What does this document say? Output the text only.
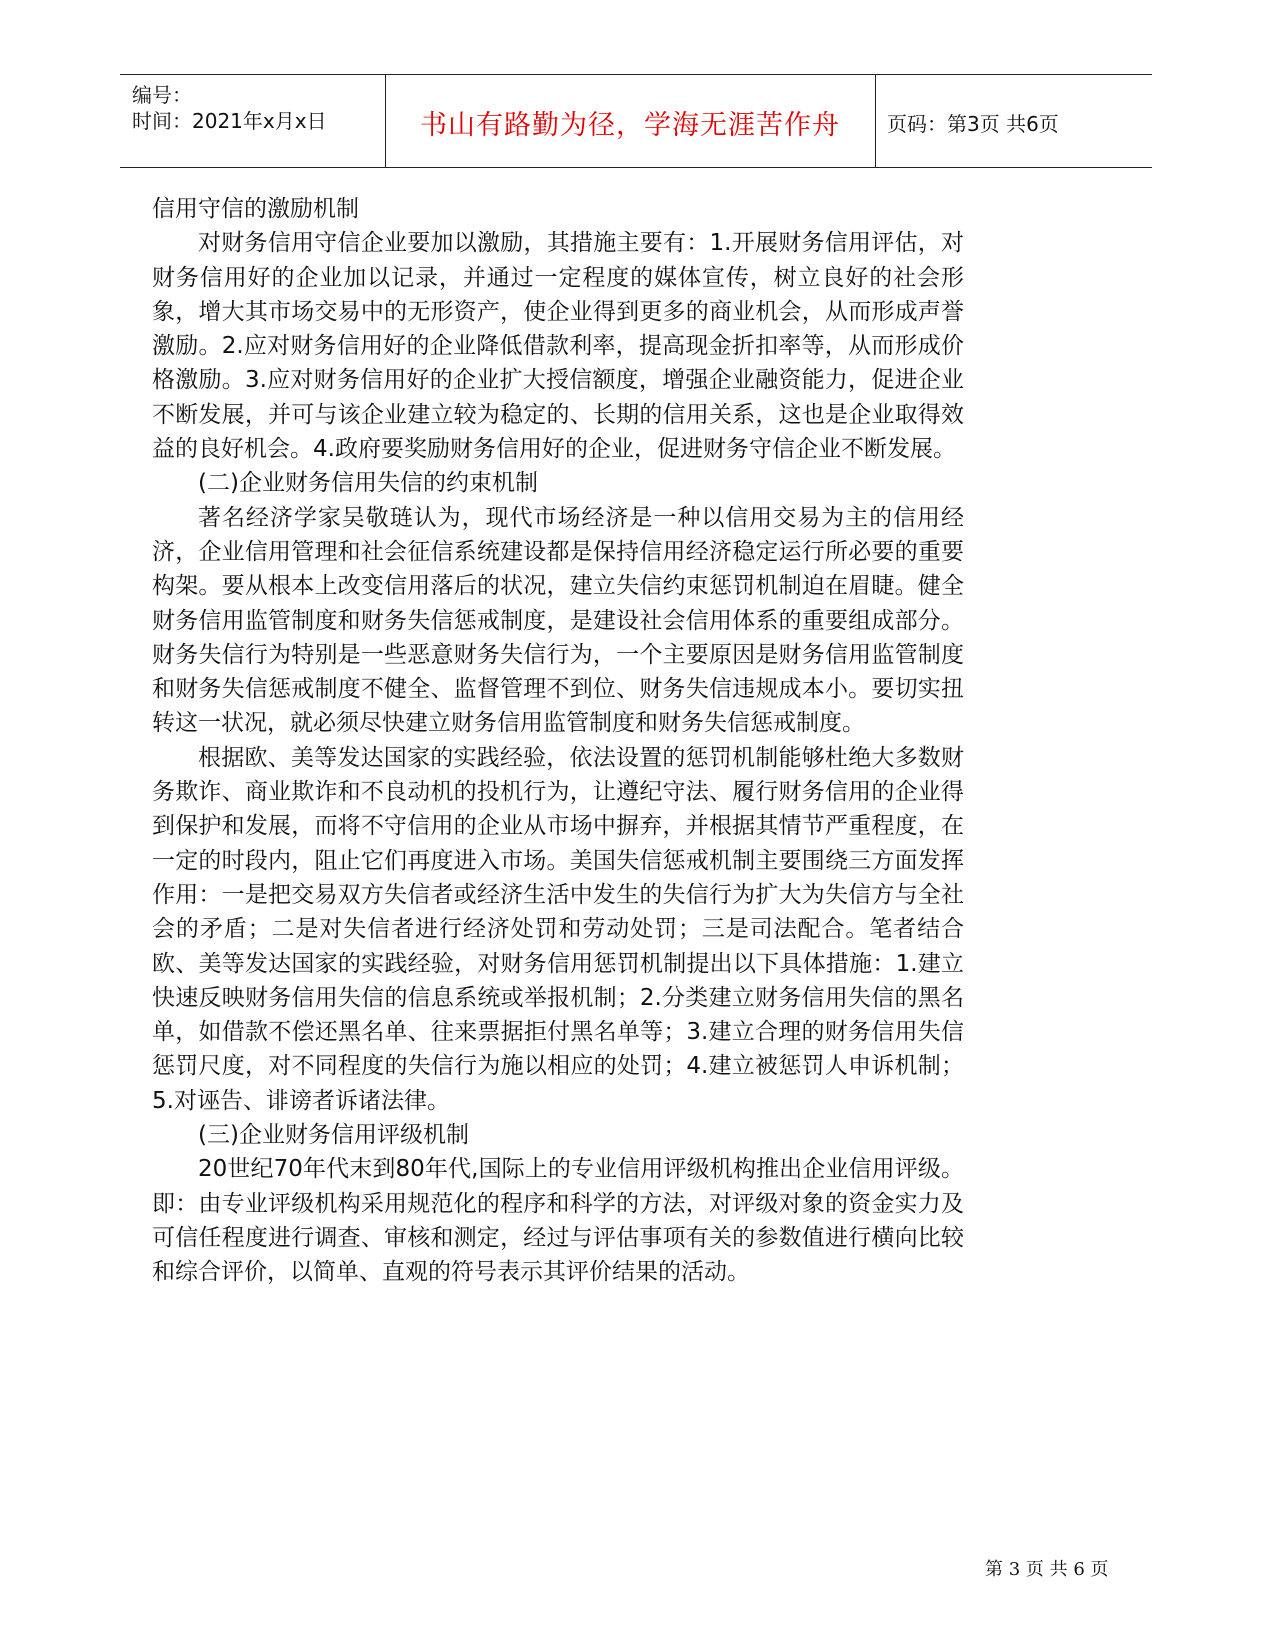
编号：
时间：2021年x月x日	书山有路勤为径，学海无涯苦作舟	页码：第3页 共6页

信用守信的激励机制

对财务信用守信企业要加以激励，其措施主要有：1.开展财务信用评估，对财务信用好的企业加以记录，并通过一定程度的媒体宣传，树立良好的社会形象，增大其市场交易中的无形资产，使企业得到更多的商业机会，从而形成声誉激励。2.应对财务信用好的企业降低借款利率，提高现金折扣率等，从而形成价格激励。3.应对财务信用好的企业扩大授信额度，增强企业融资能力，促进企业不断发展，并可与该企业建立较为稳定的、长期的信用关系，这也是企业取得效益的良好机会。4.政府要奖励财务信用好的企业，促进财务守信企业不断发展。

(二)企业财务信用失信的约束机制

著名经济学家吴敬琏认为，现代市场经济是一种以信用交易为主的信用经济，企业信用管理和社会征信系统建设都是保持信用经济稳定运行所必要的重要构架。要从根本上改变信用落后的状况，建立失信约束惩罚机制迫在眉睫。健全财务信用监管制度和财务失信惩戒制度，是建设社会信用体系的重要组成部分。财务失信行为特别是一些恶意财务失信行为，一个主要原因是财务信用监管制度和财务失信惩戒制度不健全、监督管理不到位、财务失信违规成本小。要切实扭转这一状况，就必须尽快建立财务信用监管制度和财务失信惩戒制度。

根据欧、美等发达国家的实践经验，依法设置的惩罚机制能够杜绝大多数财务欺诈、商业欺诈和不良动机的投机行为，让遵纪守法、履行财务信用的企业得到保护和发展，而将不守信用的企业从市场中摒弃，并根据其情节严重程度，在一定的时段内，阻止它们再度进入市场。美国失信惩戒机制主要围绕三方面发挥作用：一是把交易双方失信者或经济生活中发生的失信行为扩大为失信方与全社会的矛盾；二是对失信者进行经济处罚和劳动处罚；三是司法配合。笔者结合欧、美等发达国家的实践经验，对财务信用惩罚机制提出以下具体措施：1.建立快速反映财务信用失信的信息系统或举报机制；2.分类建立财务信用失信的黑名单，如借款不偿还黑名单、往来票据拒付黑名单等；3.建立合理的财务信用失信惩罚尺度，对不同程度的失信行为施以相应的处罚；4.建立被惩罚人申诉机制；5.对诬告、诽谤者诉诸法律。

(三)企业财务信用评级机制

20世纪70年代末到80年代,国际上的专业信用评级机构推出企业信用评级。即：由专业评级机构采用规范化的程序和科学的方法，对评级对象的资金实力及可信任程度进行调查、审核和测定，经过与评估事项有关的参数值进行横向比较和综合评价，以简单、直观的符号表示其评价结果的活动。

第 3 页 共 6 页
